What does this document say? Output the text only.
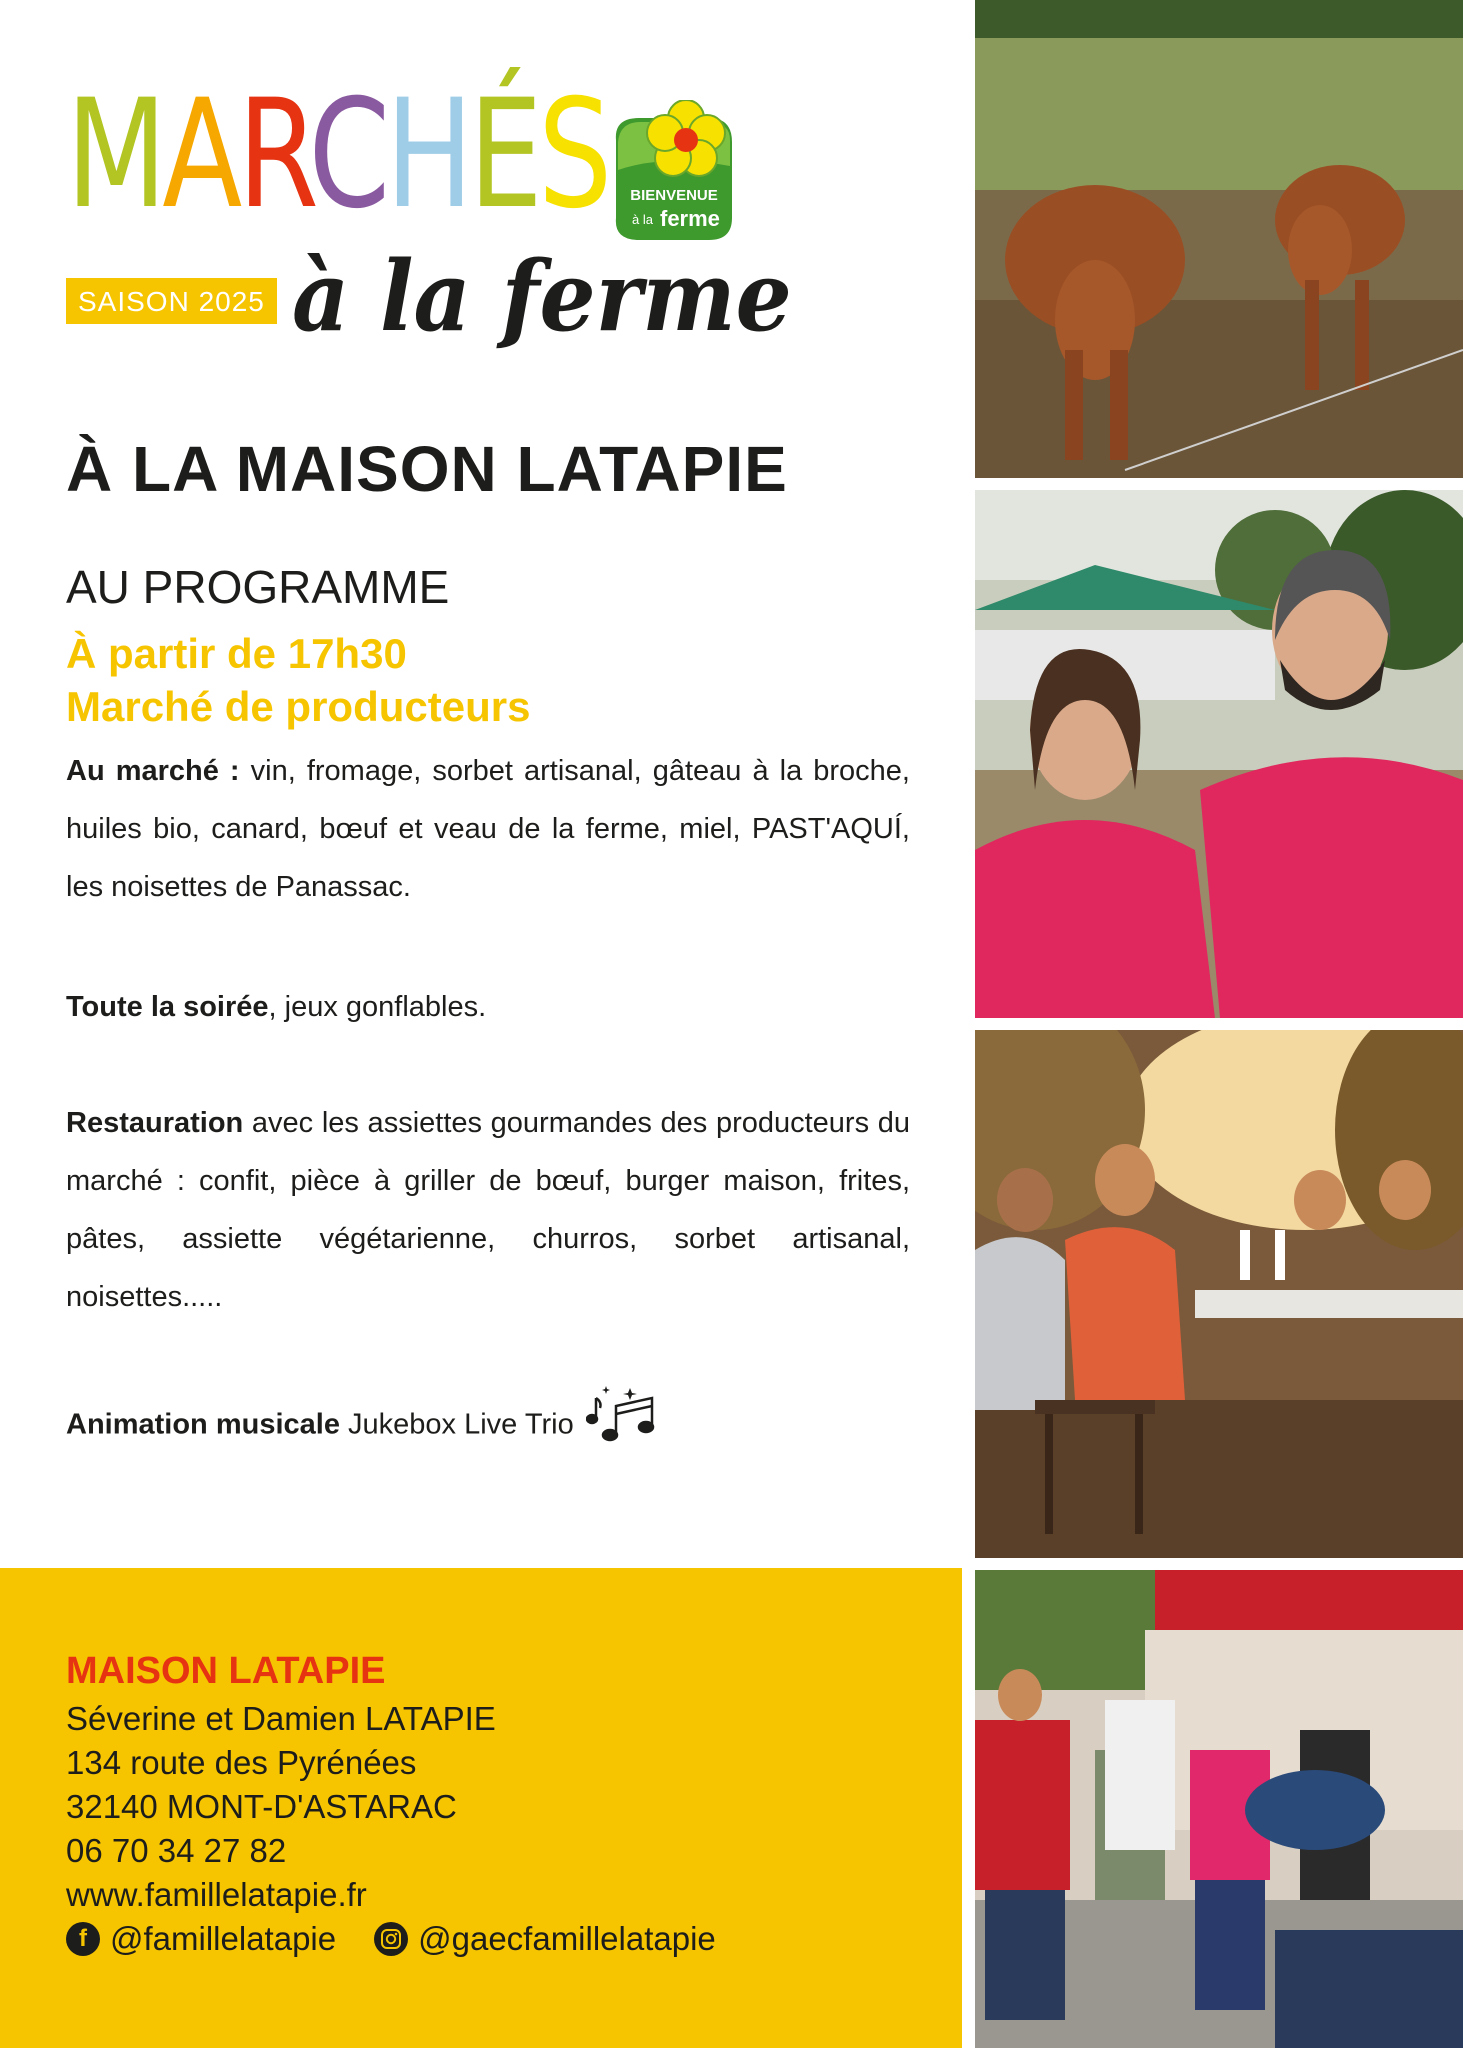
MARCHÉS
SAISON 2025 à la ferme
BIENVENUE
à la ferme
À LA MAISON LATAPIE
AU PROGRAMME
À partir de 17h30
Marché de producteurs
Au marché : vin, fromage, sorbet artisanal, gâteau à la broche, huiles bio, canard, bœuf et veau de la ferme, miel, PAST'AQUÍ, les noisettes de Panassac.
Toute la soirée, jeux gonflables.
Restauration avec les assiettes gourmandes des producteurs du marché : confit, pièce à griller de bœuf, burger maison, frites, pâtes, assiette végétarienne, churros, sorbet artisanal, noisettes.....
Animation musicale Jukebox Live Trio
MAISON LATAPIE
Séverine et Damien LATAPIE
134 route des Pyrénées
32140 MONT-D'ASTARAC
06 70 34 27 82
www.famillelatapie.fr
f @famillelatapie @gaecfamillelatapie
